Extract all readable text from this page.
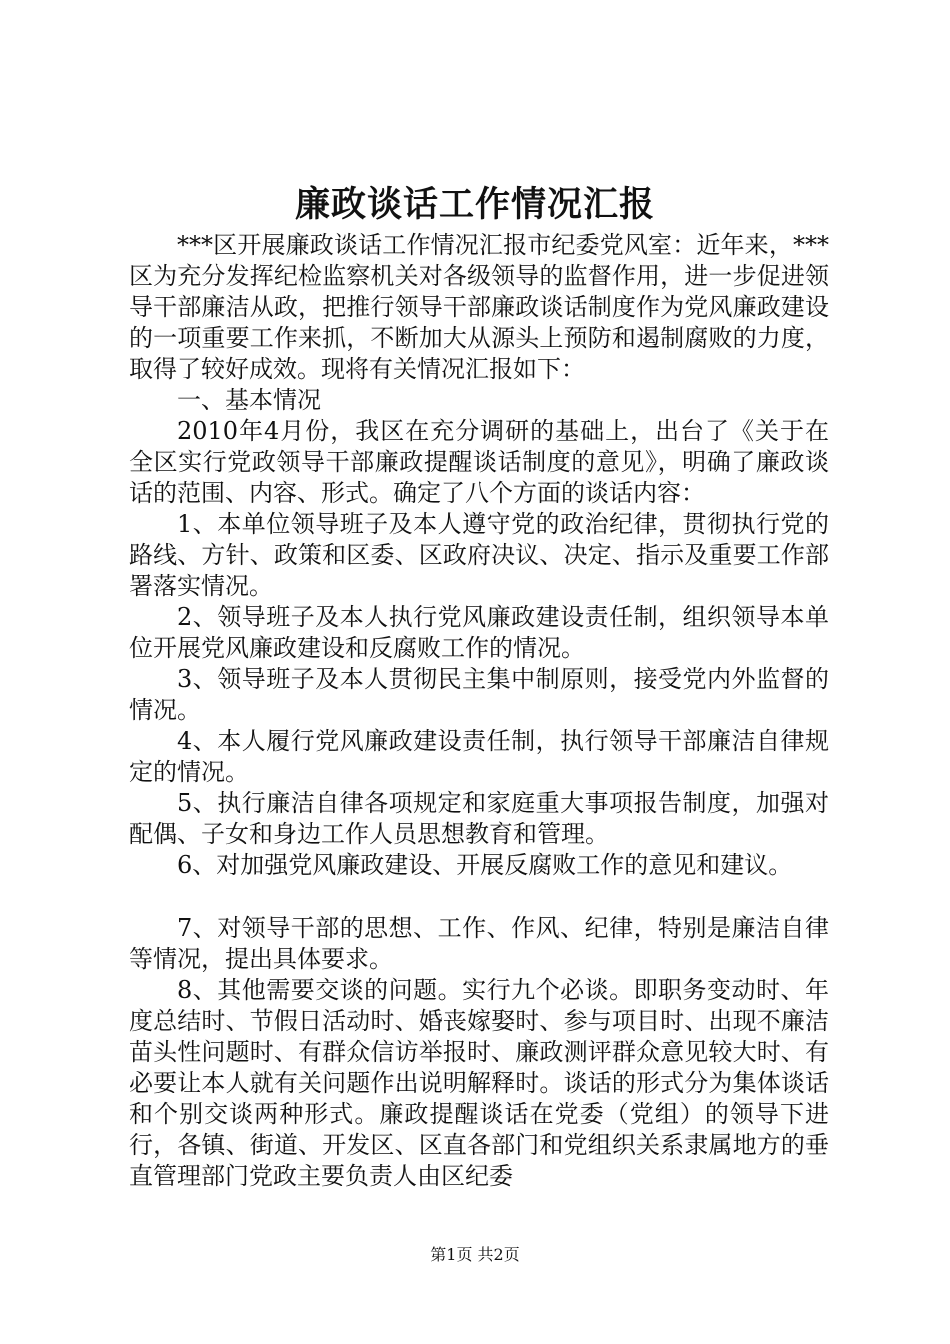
廉政谈话工作情况汇报

***区开展廉政谈话工作情况汇报市纪委党风室：近年来，***区为充分发挥纪检监察机关对各级领导的监督作用，进一步促进领导干部廉洁从政，把推行领导干部廉政谈话制度作为党风廉政建设的一项重要工作来抓，不断加大从源头上预防和遏制腐败的力度，取得了较好成效。现将有关情况汇报如下：

一、基本情况

2010年4月份，我区在充分调研的基础上，出台了《关于在全区实行党政领导干部廉政提醒谈话制度的意见》，明确了廉政谈话的范围、内容、形式。确定了八个方面的谈话内容：

1、本单位领导班子及本人遵守党的政治纪律，贯彻执行党的路线、方针、政策和区委、区政府决议、决定、指示及重要工作部署落实情况。

2、领导班子及本人执行党风廉政建设责任制，组织领导本单位开展党风廉政建设和反腐败工作的情况。

3、领导班子及本人贯彻民主集中制原则，接受党内外监督的情况。

4、本人履行党风廉政建设责任制，执行领导干部廉洁自律规定的情况。

5、执行廉洁自律各项规定和家庭重大事项报告制度，加强对配偶、子女和身边工作人员思想教育和管理。

6、对加强党风廉政建设、开展反腐败工作的意见和建议。

7、对领导干部的思想、工作、作风、纪律，特别是廉洁自律等情况，提出具体要求。

8、其他需要交谈的问题。实行九个必谈。即职务变动时、年度总结时、节假日活动时、婚丧嫁娶时、参与项目时、出现不廉洁苗头性问题时、有群众信访举报时、廉政测评群众意见较大时、有必要让本人就有关问题作出说明解释时。谈话的形式分为集体谈话和个别交谈两种形式。廉政提醒谈话在党委（党组）的领导下进行，各镇、街道、开发区、区直各部门和党组织关系隶属地方的垂直管理部门党政主要负责人由区纪委

第1页 共2页
